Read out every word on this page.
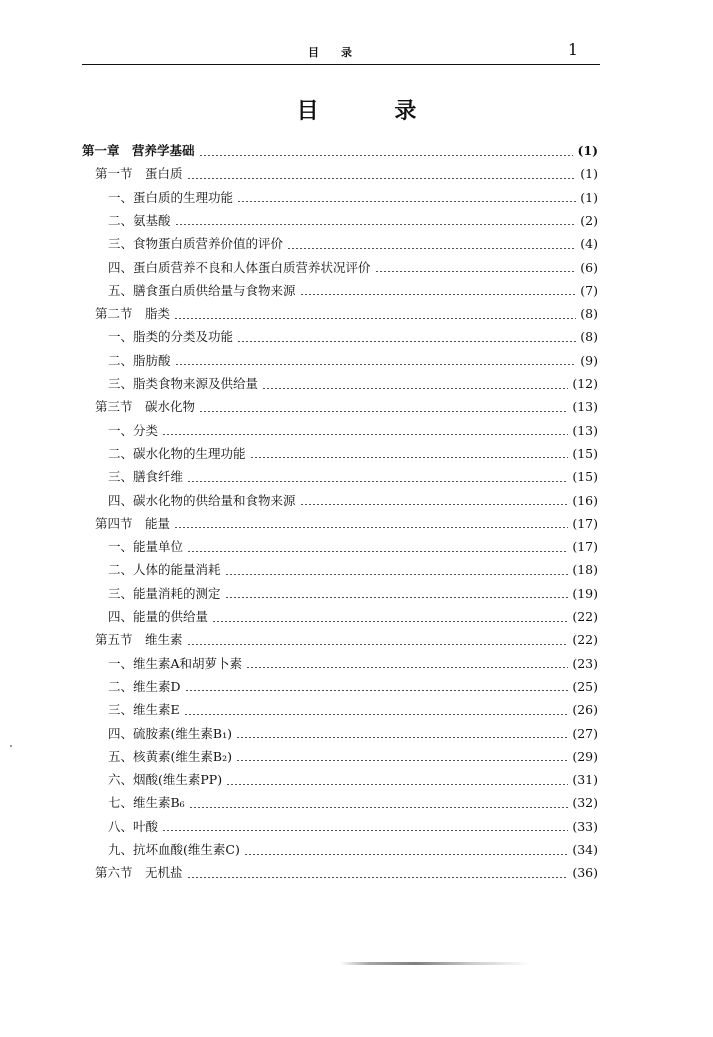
目录	1
目 录
第一章　营养学基础	(1)
第一节　蛋白质	(1)
一、蛋白质的生理功能	(1)
二、氨基酸	(2)
三、食物蛋白质营养价值的评价	(4)
四、蛋白质营养不良和人体蛋白质营养状况评价	(6)
五、膳食蛋白质供给量与食物来源	(7)
第二节　脂类	(8)
一、脂类的分类及功能	(8)
二、脂肪酸	(9)
三、脂类食物来源及供给量	(12)
第三节　碳水化物	(13)
一、分类	(13)
二、碳水化物的生理功能	(15)
三、膳食纤维	(15)
四、碳水化物的供给量和食物来源	(16)
第四节　能量	(17)
一、能量单位	(17)
二、人体的能量消耗	(18)
三、能量消耗的测定	(19)
四、能量的供给量	(22)
第五节　维生素	(22)
一、维生素A和胡萝卜素	(23)
二、维生素D	(25)
三、维生素E	(26)
四、硫胺素(维生素B₁)	(27)
五、核黄素(维生素B₂)	(29)
六、烟酸(维生素PP)	(31)
七、维生素B₆	(32)
八、叶酸	(33)
九、抗坏血酸(维生素C)	(34)
第六节　无机盐	(36)
